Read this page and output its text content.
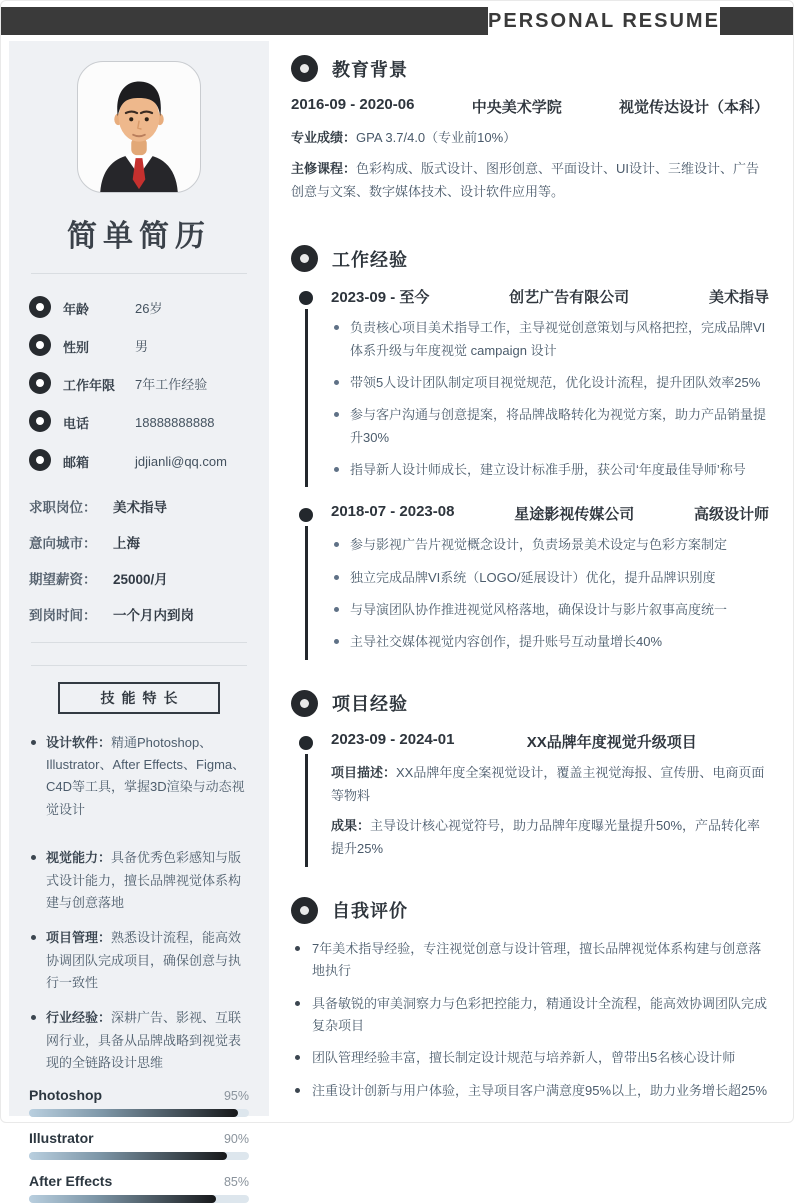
PERSONAL RESUME
简单简历
年龄	26岁
性别	男
工作年限	7年工作经验
电话	18888888888
邮箱	jdjianli@qq.com
求职岗位：	美术指导
意向城市：	上海
期望薪资：	25000/月
到岗时间：	一个月内到岗
技能特长
设计软件：精通Photoshop、Illustrator、After Effects、Figma、C4D等工具，掌握3D渲染与动态视觉设计
视觉能力：具备优秀色彩感知与版式设计能力，擅长品牌视觉体系构建与创意落地
项目管理：熟悉设计流程，能高效协调团队完成项目，确保创意与执行一致性
行业经验：深耕广告、影视、互联网行业，具备从品牌战略到视觉表现的全链路设计思维
Photoshop	95%
Illustrator	90%
After Effects	85%
教育背景
2016-09 - 2020-06	中央美术学院	视觉传达设计（本科）

专业成绩：GPA 3.7/4.0（专业前10%）

主修课程：色彩构成、版式设计、图形创意、平面设计、UI设计、三维设计、广告创意与文案、数字媒体技术、设计软件应用等。

工作经验
2023-09 - 至今	创艺广告有限公司	美术指导
负责核心项目美术指导工作，主导视觉创意策划与风格把控，完成品牌VI体系升级与年度视觉 campaign 设计
带领5人设计团队制定项目视觉规范，优化设计流程，提升团队效率25%
参与客户沟通与创意提案，将品牌战略转化为视觉方案，助力产品销量提升30%
指导新人设计师成长，建立设计标准手册，获公司‘年度最佳导师’称号
2018-07 - 2023-08	星途影视传媒公司	高级设计师
参与影视广告片视觉概念设计，负责场景美术设定与色彩方案制定
独立完成品牌VI系统（LOGO/延展设计）优化，提升品牌识别度
与导演团队协作推进视觉风格落地，确保设计与影片叙事高度统一
主导社交媒体视觉内容创作，提升账号互动量增长40%
项目经验
2023-09 - 2024-01	XX品牌年度视觉升级项目

项目描述：XX品牌年度全案视觉设计，覆盖主视觉海报、宣传册、电商页面等物料

成果：主导设计核心视觉符号，助力品牌年度曝光量提升50%，产品转化率提升25%

自我评价
7年美术指导经验，专注视觉创意与设计管理，擅长品牌视觉体系构建与创意落地执行
具备敏锐的审美洞察力与色彩把控能力，精通设计全流程，能高效协调团队完成复杂项目
团队管理经验丰富，擅长制定设计规范与培养新人，曾带出5名核心设计师
注重设计创新与用户体验，主导项目客户满意度95%以上，助力业务增长超25%
